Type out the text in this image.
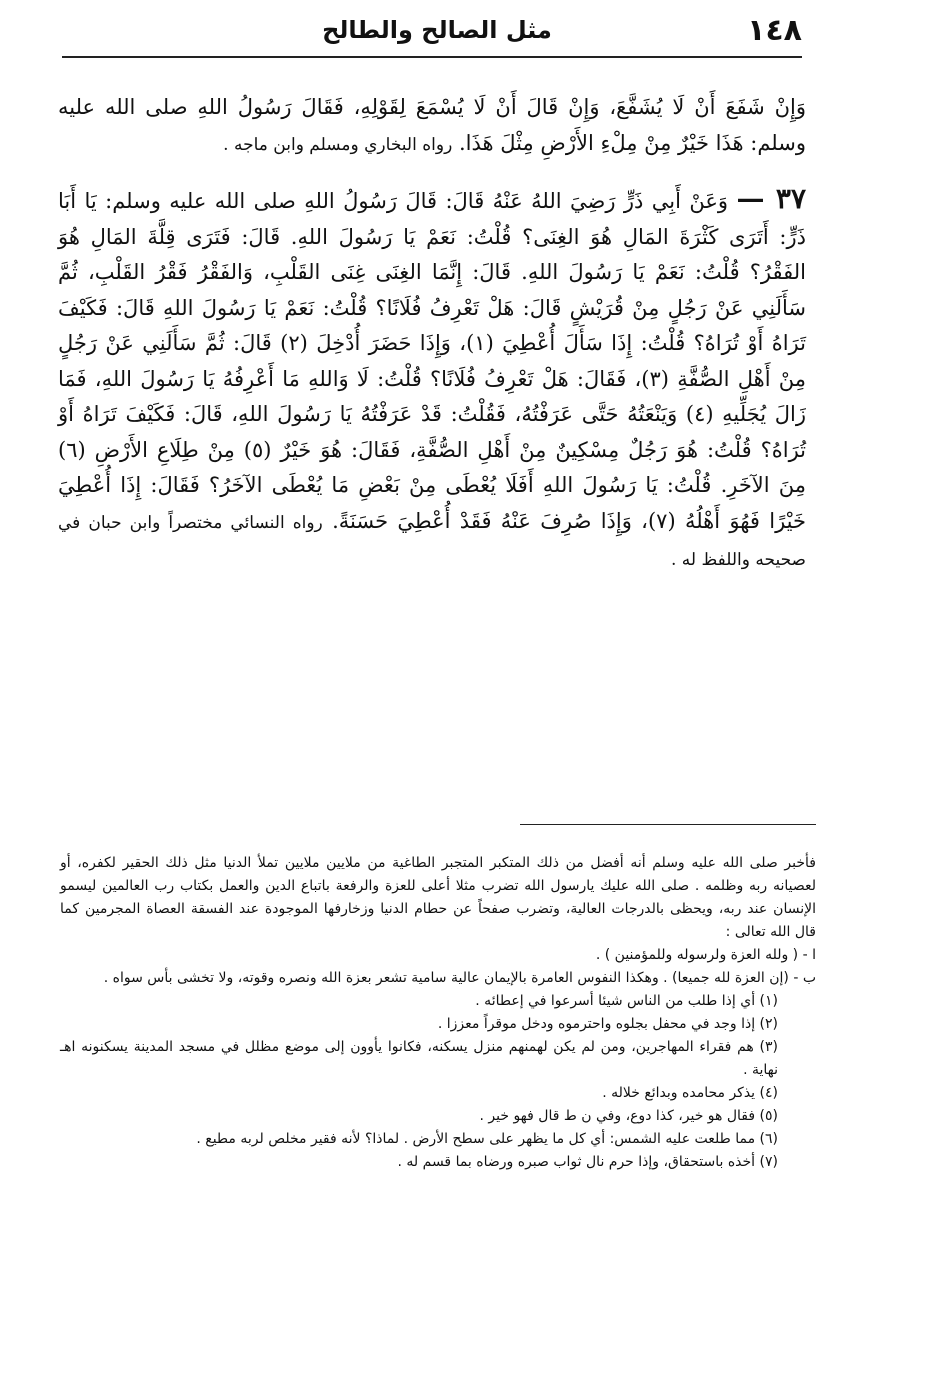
١٤٨
مثل الصالح والطالح

وَإِنْ شَفَعَ أَنْ لَا يُشَفَّعَ، وَإِنْ قَالَ أَنْ لَا يُسْمَعَ لِقَوْلِهِ، فَقَالَ رَسُولُ اللهِ صلى الله عليه وسلم: هَذَا خَيْرٌ مِنْ مِلْءِ الأَرْضِ مِثْلَ هَذَا. رواه البخاري ومسلم وابن ماجه .

٣٧ — وَعَنْ أَبِي ذَرٍّ رَضِيَ اللهُ عَنْهُ قَالَ: قَالَ رَسُولُ اللهِ صلى الله عليه وسلم: يَا أَبَا ذَرٍّ: أَتَرَى كَثْرَةَ المَالِ هُوَ الغِنَى؟ قُلْتُ: نَعَمْ يَا رَسُولَ اللهِ. قَالَ: فَتَرَى قِلَّةَ المَالِ هُوَ الفَقْرُ؟ قُلْتُ: نَعَمْ يَا رَسُولَ اللهِ. قَالَ: إِنَّمَا الغِنَى غِنَى القَلْبِ، وَالفَقْرُ فَقْرُ القَلْبِ، ثُمَّ سَأَلَنِي عَنْ رَجُلٍ مِنْ قُرَيْشٍ قَالَ: هَلْ تَعْرِفُ فُلَانًا؟ قُلْتُ: نَعَمْ يَا رَسُولَ اللهِ قَالَ: فَكَيْفَ تَرَاهُ أَوْ تُرَاهُ؟ قُلْتُ: إِذَا سَأَلَ أُعْطِيَ (١)، وَإِذَا حَضَرَ أُدْخِلَ (٢) قَالَ: ثُمَّ سَأَلَنِي عَنْ رَجُلٍ مِنْ أَهْلِ الصُّفَّةِ (٣)، فَقَالَ: هَلْ تَعْرِفُ فُلَانًا؟ قُلْتُ: لَا وَاللهِ مَا أَعْرِفُهُ يَا رَسُولَ اللهِ، فَمَا زَالَ يُجَلِّيهِ (٤) وَيَنْعَتُهُ حَتَّى عَرَفْتُهُ، فَقُلْتُ: قَدْ عَرَفْتُهُ يَا رَسُولَ اللهِ، قَالَ: فَكَيْفَ تَرَاهُ أَوْ تُرَاهُ؟ قُلْتُ: هُوَ رَجُلٌ مِسْكِينٌ مِنْ أَهْلِ الصُّفَّةِ، فَقَالَ: هُوَ خَيْرٌ (٥) مِنْ طِلَاعِ الأَرْضِ (٦) مِنَ الآخَرِ. قُلْتُ: يَا رَسُولَ اللهِ أَفَلَا يُعْطَى مِنْ بَعْضِ مَا يُعْطَى الآخَرُ؟ فَقَالَ: إِذَا أُعْطِيَ خَيْرًا فَهُوَ أَهْلُهُ (٧)، وَإِذَا صُرِفَ عَنْهُ فَقَدْ أُعْطِيَ حَسَنَةً. رواه النسائي مختصراً وابن حبان في صحيحه واللفظ له .

فأخبر صلى الله عليه وسلم أنه أفضل من ذلك المتكبر المتجبر الطاغية من ملايين ملايين تملأ الدنيا مثل ذلك الحقير لكفره، أو لعصيانه ربه وظلمه . صلى الله عليك يارسول الله تضرب مثلا أعلى للعزة والرفعة باتباع الدين والعمل بكتاب رب العالمين ليسمو الإنسان عند ربه، ويحظى بالدرجات العالية، وتضرب صفحاً عن حطام الدنيا وزخارفها الموجودة عند الفسقة العصاة المجرمين كما قال الله تعالى :

ا - ( ولله العزة ولرسوله وللمؤمنين ) .

ب - (إن العزة لله جميعا) . وهكذا النفوس العامرة بالإيمان عالية سامية تشعر بعزة الله ونصره وقوته، ولا تخشى بأس سواه .

(١) أي إذا طلب من الناس شيئا أسرعوا في إعطائه .

(٢) إذا وجد في محفل بجلوه واحترموه ودخل موقراً معززا .

(٣) هم فقراء المهاجرين، ومن لم يكن لهمنهم منزل يسكنه، فكانوا يأوون إلى موضع مظلل في مسجد المدينة يسكنونه اهـ نهاية .

(٤) يذكر محامده وبدائع خلاله .

(٥) فقال هو خير، كذا دوع، وفي ن ط قال فهو خير .

(٦) مما طلعت عليه الشمس: أي كل ما يظهر على سطح الأرض . لماذا؟ لأنه فقير مخلص لربه مطيع .

(٧) أخذه باستحقاق، وإذا حرم نال ثواب صبره ورضاه بما قسم له .
